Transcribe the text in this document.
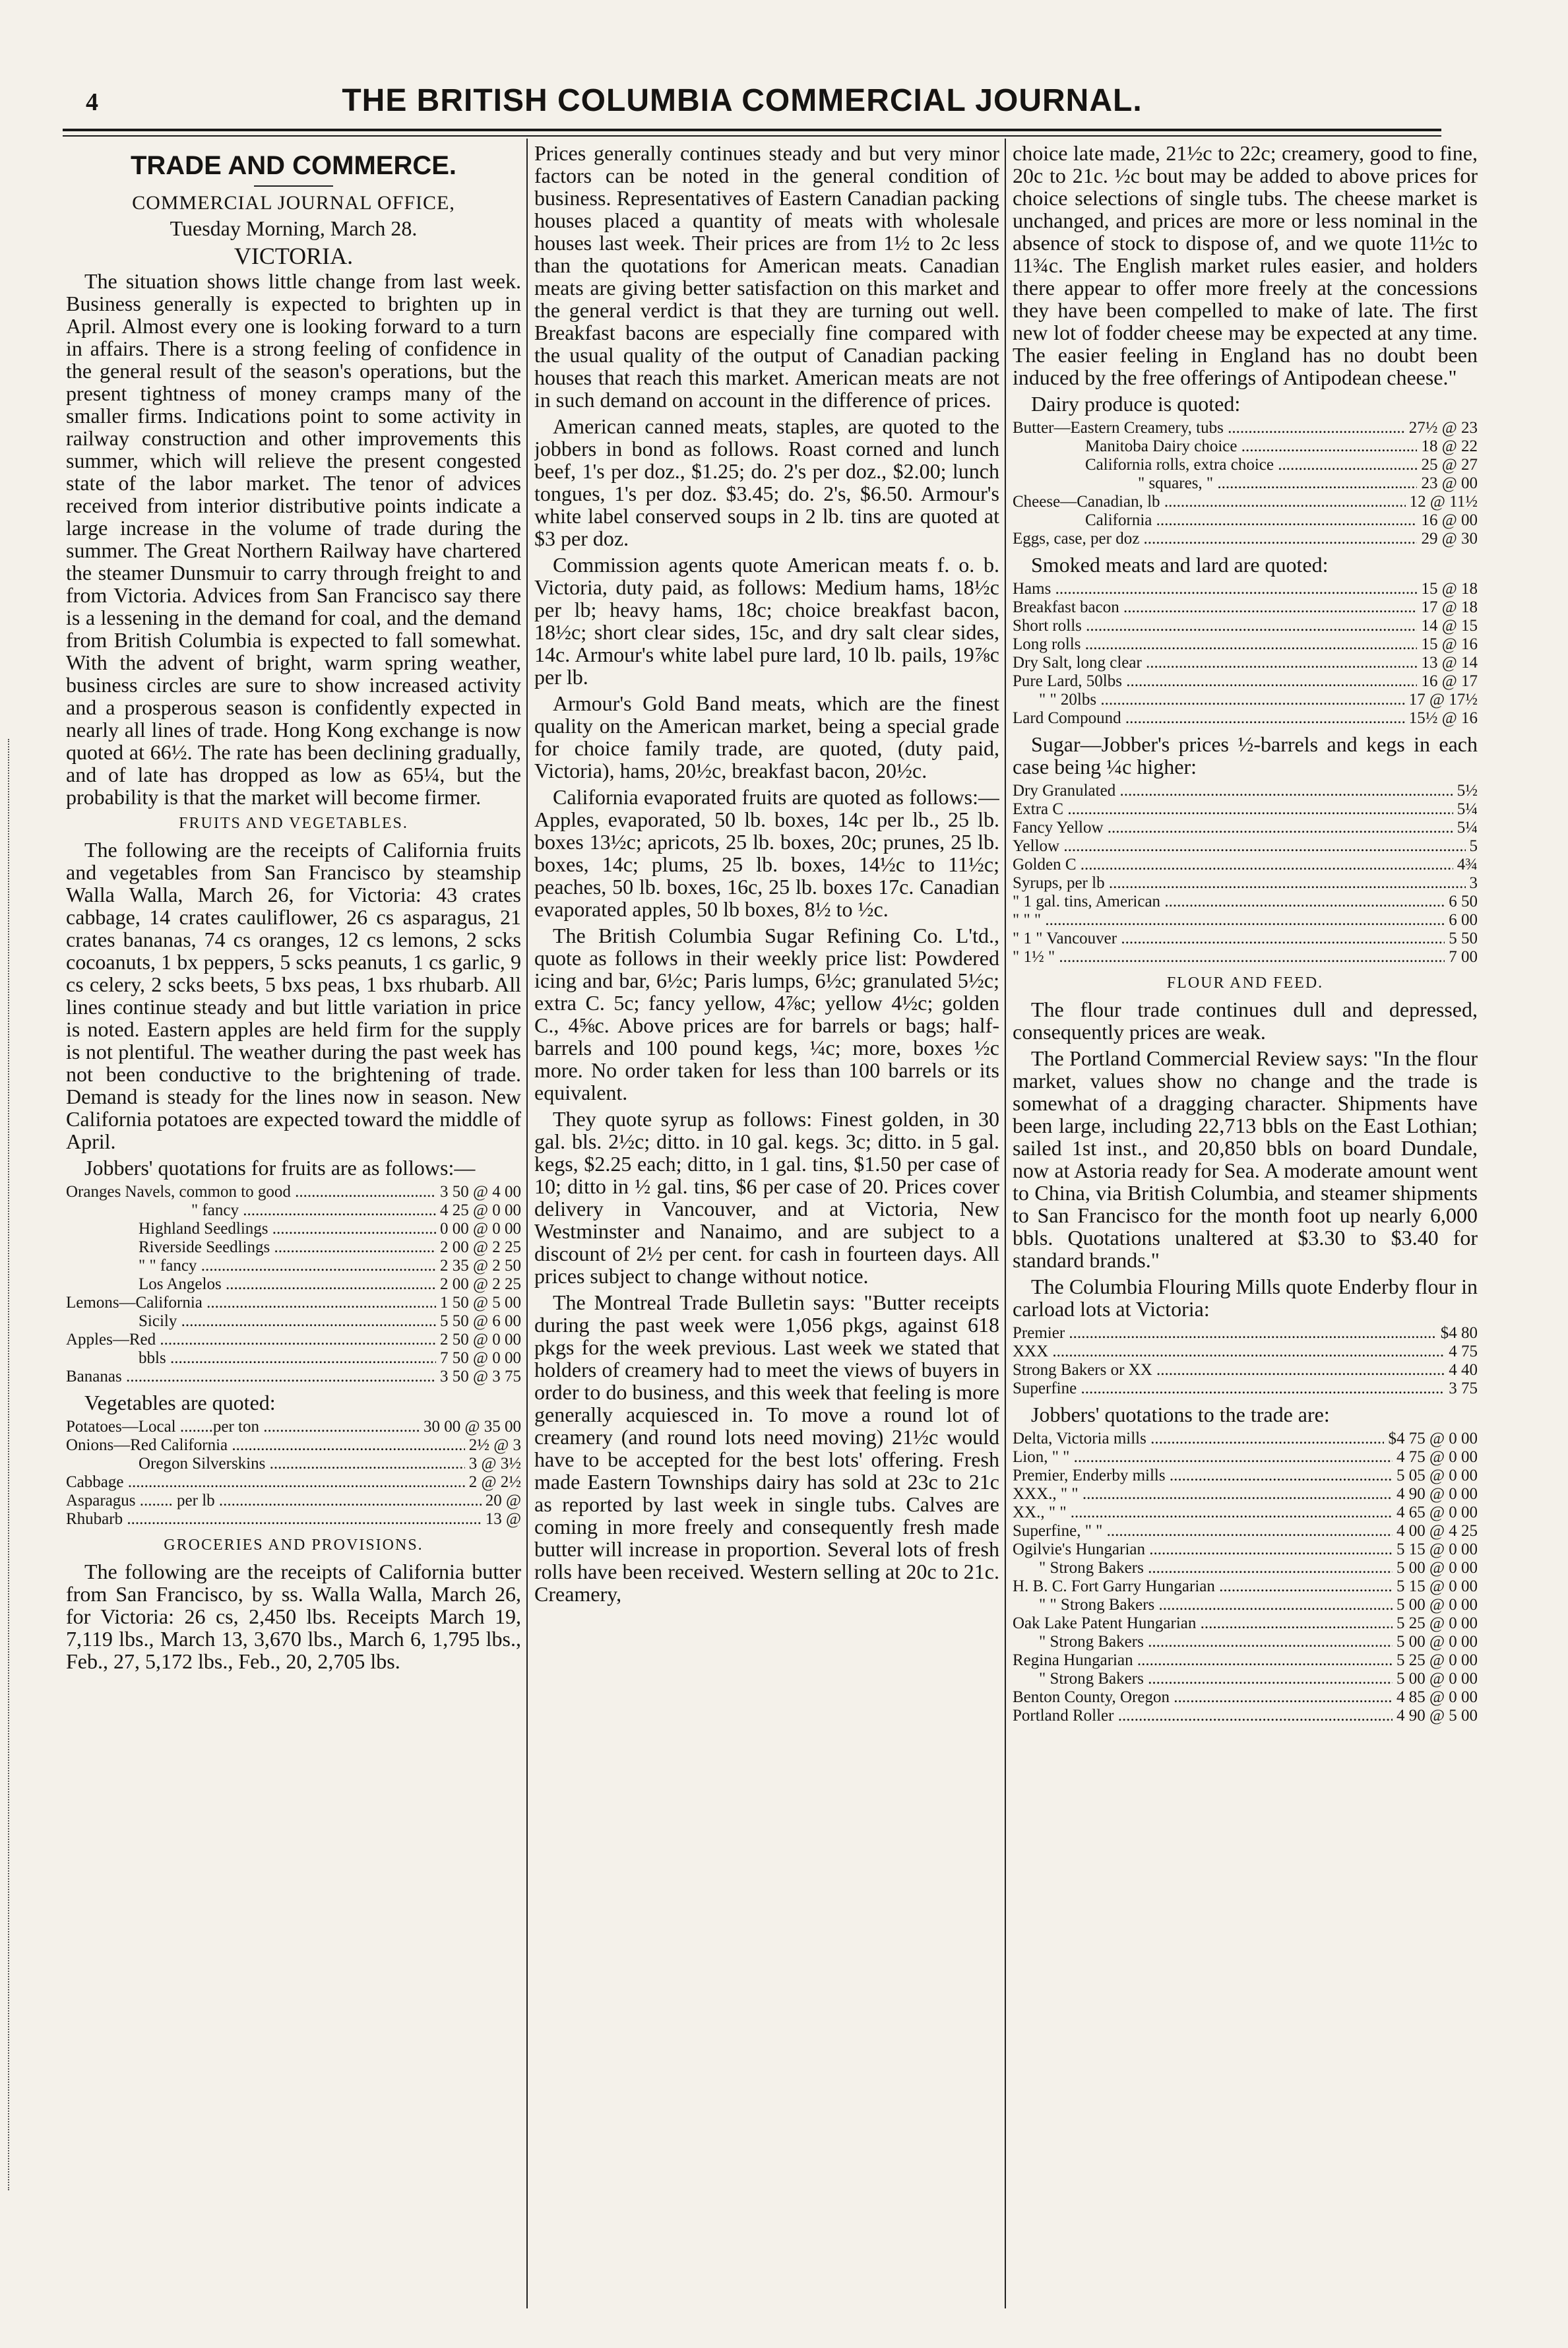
4	THE BRITISH COLUMBIA COMMERCIAL JOURNAL.
TRADE AND COMMERCE.
COMMERCIAL JOURNAL OFFICE,
Tuesday Morning, March 28.
VICTORIA.

The situation shows little change from last week. Business generally is expected to brighten up in April. Almost every one is looking forward to a turn in affairs. There is a strong feeling of confidence in the general result of the season's operations, but the present tightness of money cramps many of the smaller firms. Indications point to some activity in railway construction and other improvements this summer, which will relieve the present congested state of the labor market. The tenor of advices received from interior distributive points indicate a large increase in the volume of trade during the summer. The Great Northern Railway have chartered the steamer Dunsmuir to carry through freight to and from Victoria. Advices from San Francisco say there is a lessening in the demand for coal, and the demand from British Columbia is expected to fall somewhat. With the advent of bright, warm spring weather, business circles are sure to show increased activity and a prosperous season is confidently expected in nearly all lines of trade. Hong Kong exchange is now quoted at 66½. The rate has been declining gradually, and of late has dropped as low as 65¼, but the probability is that the market will become firmer.

FRUITS AND VEGETABLES.

The following are the receipts of California fruits and vegetables from San Francisco by steamship Walla Walla, March 26, for Victoria: 43 crates cabbage, 14 crates cauliflower, 26 cs asparagus, 21 crates bananas, 74 cs oranges, 12 cs lemons, 2 scks cocoanuts, 1 bx peppers, 5 scks peanuts, 1 cs garlic, 9 cs celery, 2 scks beets, 5 bxs peas, 1 bxs rhubarb. All lines continue steady and but little variation in price is noted. Eastern apples are held firm for the supply is not plentiful. The weather during the past week has not been conductive to the brightening of trade. Demand is steady for the lines now in season. New California potatoes are expected toward the middle of April.

Jobbers' quotations for fruits are as follows:—

Oranges Navels, common to good .....	3 50 @ 4 00
" fancy .....	4 25 @ 0 00
Highland Seedlings .....	0 00 @ 0 00
Riverside Seedlings .....	2 00 @ 2 25
" " fancy .....	2 35 @ 2 50
Los Angelos .....	2 00 @ 2 25
Lemons—California .....	1 50 @ 5 00
Sicily .....	5 50 @ 6 00
Apples—Red .....	2 50 @ 0 00
bbls .....	7 50 @ 0 00
Bananas .....	3 50 @ 3 75

Vegetables are quoted:

Potatoes—Local ........per ton .....	30 00 @ 35 00
Onions—Red California .....	2½ @ 3
Oregon Silverskins .....	3 @ 3½
Cabbage .....	2 @ 2½
Asparagus ........ per lb .....	20 @
Rhubarb .....	13 @
GROCERIES AND PROVISIONS.

The following are the receipts of California butter from San Francisco, by ss. Walla Walla, March 26, for Victoria: 26 cs, 2,450 lbs. Receipts March 19, 7,119 lbs., March 13, 3,670 lbs., March 6, 1,795 lbs., Feb., 27, 5,172 lbs., Feb., 20, 2,705 lbs.

Prices generally continues steady and but very minor factors can be noted in the general condition of business. Representatives of Eastern Canadian packing houses placed a quantity of meats with wholesale houses last week. Their prices are from 1½ to 2c less than the quotations for American meats. Canadian meats are giving better satisfaction on this market and the general verdict is that they are turning out well. Breakfast bacons are especially fine compared with the usual quality of the output of Canadian packing houses that reach this market. American meats are not in such demand on account in the difference of prices.

American canned meats, staples, are quoted to the jobbers in bond as follows. Roast corned and lunch beef, 1's per doz., $1.25; do. 2's per doz., $2.00; lunch tongues, 1's per doz. $3.45; do. 2's, $6.50. Armour's white label conserved soups in 2 lb. tins are quoted at $3 per doz.

Commission agents quote American meats f. o. b. Victoria, duty paid, as follows: Medium hams, 18½c per lb; heavy hams, 18c; choice breakfast bacon, 18½c; short clear sides, 15c, and dry salt clear sides, 14c. Armour's white label pure lard, 10 lb. pails, 19⅞c per lb.

Armour's Gold Band meats, which are the finest quality on the American market, being a special grade for choice family trade, are quoted, (duty paid, Victoria), hams, 20½c, breakfast bacon, 20½c.

California evaporated fruits are quoted as follows:—Apples, evaporated, 50 lb. boxes, 14c per lb., 25 lb. boxes 13½c; apricots, 25 lb. boxes, 20c; prunes, 25 lb. boxes, 14c; plums, 25 lb. boxes, 14½c to 11½c; peaches, 50 lb. boxes, 16c, 25 lb. boxes 17c. Canadian evaporated apples, 50 lb boxes, 8½ to ½c.

The British Columbia Sugar Refining Co. L'td., quote as follows in their weekly price list: Powdered icing and bar, 6½c; Paris lumps, 6½c; granulated 5½c; extra C. 5c; fancy yellow, 4⅞c; yellow 4½c; golden C., 4⅝c. Above prices are for barrels or bags; half-barrels and 100 pound kegs, ¼c; more, boxes ½c more. No order taken for less than 100 barrels or its equivalent.

They quote syrup as follows: Finest golden, in 30 gal. bls. 2½c; ditto. in 10 gal. kegs. 3c; ditto. in 5 gal. kegs, $2.25 each; ditto, in 1 gal. tins, $1.50 per case of 10; ditto in ½ gal. tins, $6 per case of 20. Prices cover delivery in Vancouver, and at Victoria, New Westminster and Nanaimo, and are subject to a discount of 2½ per cent. for cash in fourteen days. All prices subject to change without notice.

The Montreal Trade Bulletin says: "Butter receipts during the past week were 1,056 pkgs, against 618 pkgs for the week previous. Last week we stated that holders of creamery had to meet the views of buyers in order to do business, and this week that feeling is more generally acquiesced in. To move a round lot of creamery (and round lots need moving) 21½c would have to be accepted for the best lots' offering. Fresh made Eastern Townships dairy has sold at 23c to 21c as reported by last week in single tubs. Calves are coming in more freely and consequently fresh made butter will increase in proportion. Several lots of fresh rolls have been received. Western selling at 20c to 21c. Creamery,

choice late made, 21½c to 22c; creamery, good to fine, 20c to 21c. ½c bout may be added to above prices for choice selections of single tubs. The cheese market is unchanged, and prices are more or less nominal in the absence of stock to dispose of, and we quote 11½c to 11¾c. The English market rules easier, and holders there appear to offer more freely at the concessions they have been compelled to make of late. The first new lot of fodder cheese may be expected at any time. The easier feeling in England has no doubt been induced by the free offerings of Antipodean cheese."

Dairy produce is quoted:

Butter—Eastern Creamery, tubs .....	27½ @ 23
Manitoba Dairy choice .....	18 @ 22
California rolls, extra choice .....	25 @ 27
" squares, " .....	23 @ 00
Cheese—Canadian, lb .....	12 @ 11½
California .....	16 @ 00
Eggs, case, per doz .....	29 @ 30

Smoked meats and lard are quoted:

Hams .....	15 @ 18
Breakfast bacon .....	17 @ 18
Short rolls .....	14 @ 15
Long rolls .....	15 @ 16
Dry Salt, long clear .....	13 @ 14
Pure Lard, 50lbs .....	16 @ 17
" " 20lbs .....	17 @ 17½
Lard Compound .....	15½ @ 16

Sugar—Jobber's prices ½-barrels and kegs in each case being ¼c higher:

Dry Granulated .....	5½
Extra C .....	5¼
Fancy Yellow .....	5¼
Yellow .....	5
Golden C .....	4¾
Syrups, per lb .....	3
" 1 gal. tins, American .....	6 50
" " " .....	6 00
" 1 " Vancouver .....	5 50
" 1½ " .....	7 00
FLOUR AND FEED.

The flour trade continues dull and depressed, consequently prices are weak.

The Portland Commercial Review says: "In the flour market, values show no change and the trade is somewhat of a dragging character. Shipments have been large, including 22,713 bbls on the East Lothian; sailed 1st inst., and 20,850 bbls on board Dundale, now at Astoria ready for Sea. A moderate amount went to China, via British Columbia, and steamer shipments to San Francisco for the month foot up nearly 6,000 bbls. Quotations unaltered at $3.30 to $3.40 for standard brands."

The Columbia Flouring Mills quote Enderby flour in carload lots at Victoria:

Premier .....	$4 80
XXX .....	4 75
Strong Bakers or XX .....	4 40
Superfine .....	3 75

Jobbers' quotations to the trade are:

Delta, Victoria mills .....	$4 75 @ 0 00
Lion, " " .....	4 75 @ 0 00
Premier, Enderby mills .....	5 05 @ 0 00
XXX., " " .....	4 90 @ 0 00
XX., " " .....	4 65 @ 0 00
Superfine, " " .....	4 00 @ 4 25
Ogilvie's Hungarian .....	5 15 @ 0 00
" Strong Bakers .....	5 00 @ 0 00
H. B. C. Fort Garry Hungarian .....	5 15 @ 0 00
" " Strong Bakers .....	5 00 @ 0 00
Oak Lake Patent Hungarian .....	5 25 @ 0 00
" Strong Bakers .....	5 00 @ 0 00
Regina Hungarian .....	5 25 @ 0 00
" Strong Bakers .....	5 00 @ 0 00
Benton County, Oregon .....	4 85 @ 0 00
Portland Roller .....	4 90 @ 5 00
